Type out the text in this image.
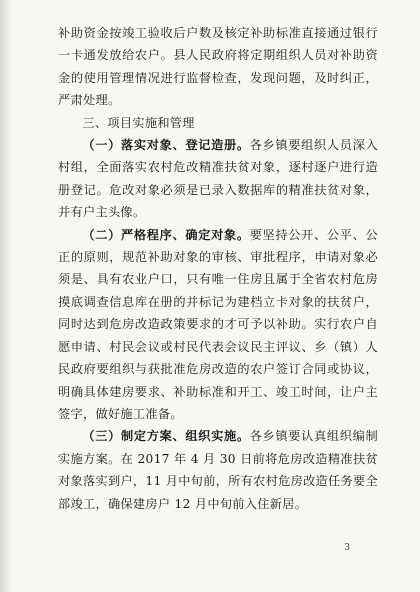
补助资金按竣工验收后户数及核定补助标准直接通过银行一卡通发放给农户。县人民政府将定期组织人员对补助资金的使用管理情况进行监督检查，发现问题，及时纠正，严肃处理。

三、项目实施和管理

（一）落实对象、登记造册。各乡镇要组织人员深入村组，全面落实农村危改精准扶贫对象，逐村逐户进行造册登记。危改对象必须是已录入数据库的精准扶贫对象，并有户主头像。

（二）严格程序、确定对象。要坚持公开、公平、公正的原则，规范补助对象的审核、审批程序，申请对象必须是、具有农业户口，只有唯一住房且属于全省农村危房摸底调查信息库在册的并标记为建档立卡对象的扶贫户，同时达到危房改造政策要求的才可予以补助。实行农户自愿申请、村民会议或村民代表会议民主评议、乡（镇）人民政府要组织与获批准危房改造的农户签订合同或协议，明确具体建房要求、补助标准和开工、竣工时间，让户主签字，做好施工准备。

（三）制定方案、组织实施。各乡镇要认真组织编制实施方案。在 2017 年 4 月 30 日前将危房改造精准扶贫对象落实到户，11 月中旬前，所有农村危房改造任务要全部竣工，确保建房户 12 月中旬前入住新居。

3
